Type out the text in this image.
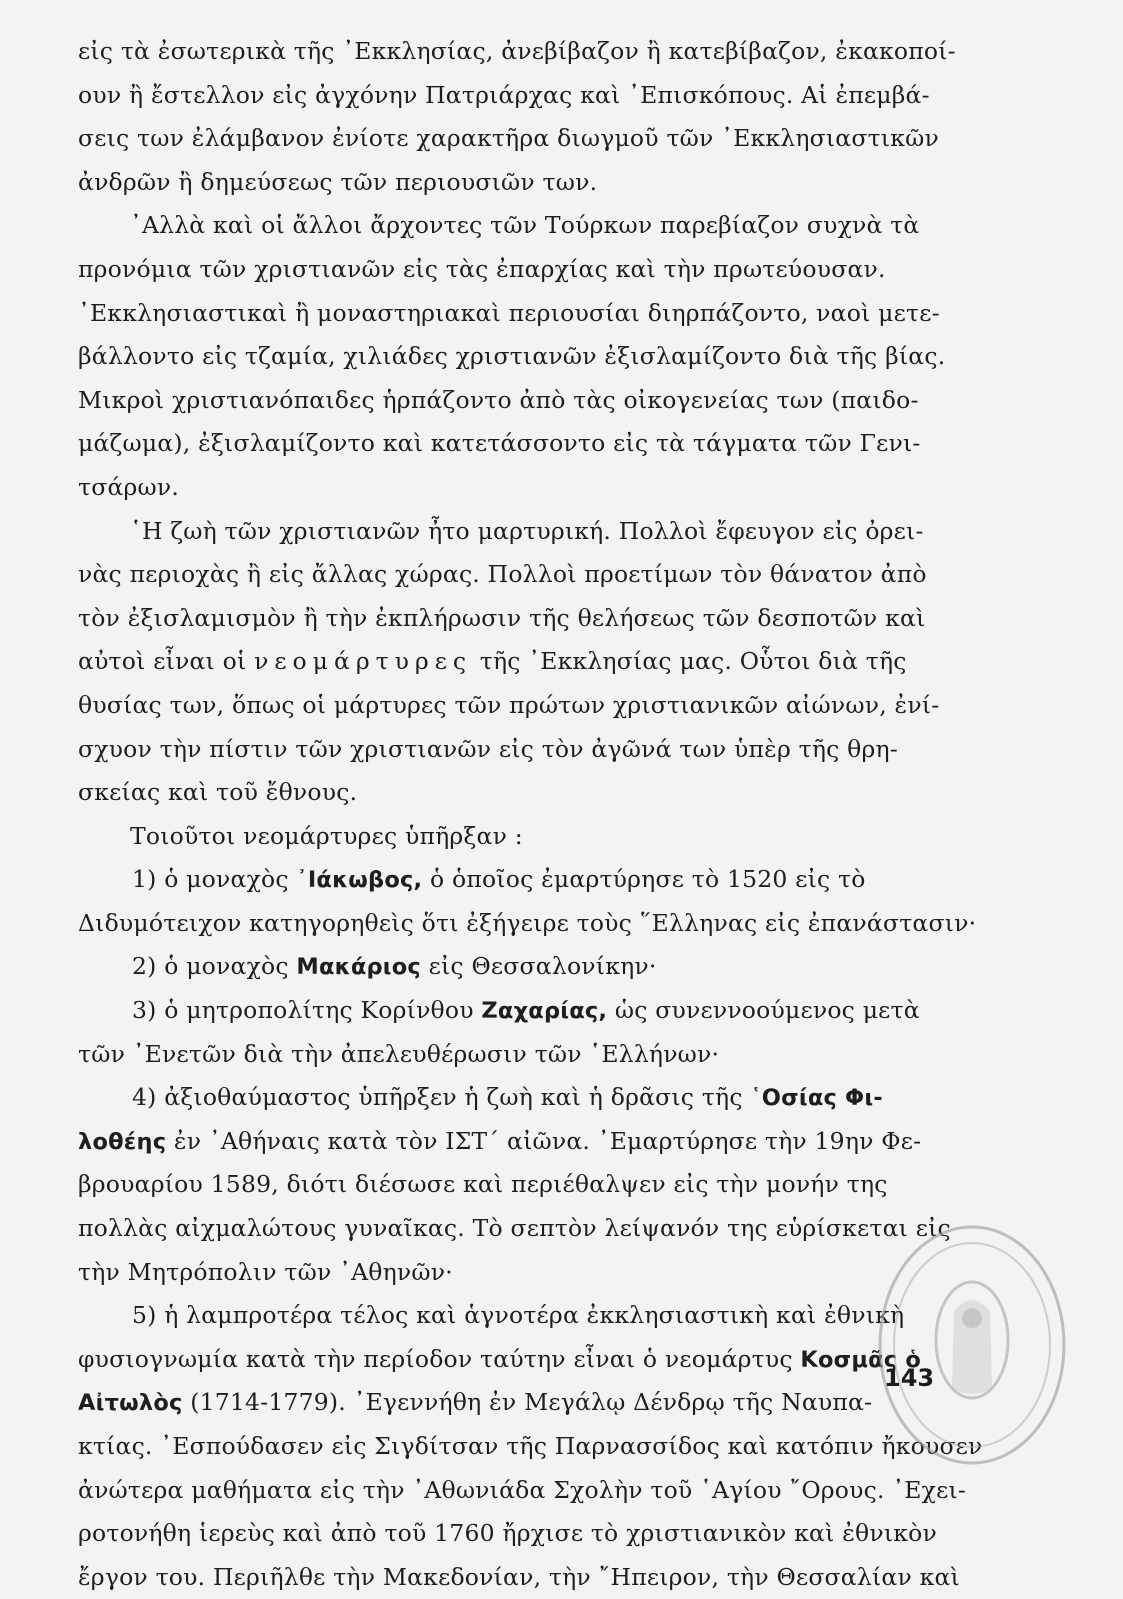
εἰς τὰ ἐσωτερικὰ τῆς ᾿Εκκλησίας, ἀνεβίβαζον ἢ κατεβίβαζον, ἐκακοποί-
ουν ἢ ἔστελλον εἰς ἀγχόνην Πατριάρχας καὶ ᾿Επισκόπους. Αἱ ἐπεμβά-
σεις των ἐλάμβανον ἐνίοτε χαρακτῆρα διωγμοῦ τῶν ᾿Εκκλησιαστικῶν
ἀνδρῶν ἢ δημεύσεως τῶν περιουσιῶν των.
᾿Αλλὰ καὶ οἱ ἄλλοι ἄρχοντες τῶν Τούρκων παρεβίαζον συχνὰ τὰ
προνόμια τῶν χριστιανῶν εἰς τὰς ἐπαρχίας καὶ τὴν πρωτεύουσαν.
᾿Εκκλησιαστικαὶ ἢ μοναστηριακαὶ περιουσίαι διηρπάζοντο, ναοὶ μετε-
βάλλοντο εἰς τζαμία, χιλιάδες χριστιανῶν ἐξισλαμίζοντο διὰ τῆς βίας.
Μικροὶ χριστιανόπαιδες ἡρπάζοντο ἀπὸ τὰς οἰκογενείας των (παιδο-
μάζωμα), ἐξισλαμίζοντο καὶ κατετάσσοντο εἰς τὰ τάγματα τῶν Γενι-
τσάρων.
῾Η ζωὴ τῶν χριστιανῶν ἦτο μαρτυρική. Πολλοὶ ἔφευγον εἰς ὀρει-
νὰς περιοχὰς ἢ εἰς ἄλλας χώρας. Πολλοὶ προετίμων τὸν θάνατον ἀπὸ
τὸν ἐξισλαμισμὸν ἢ τὴν ἐκπλήρωσιν τῆς θελήσεως τῶν δεσποτῶν καὶ
αὐτοὶ εἶναι οἱ νεομάρτυρες τῆς ᾿Εκκλησίας μας. Οὗτοι διὰ τῆς
θυσίας των, ὅπως οἱ μάρτυρες τῶν πρώτων χριστιανικῶν αἰώνων, ἐνί-
σχυον τὴν πίστιν τῶν χριστιανῶν εἰς τὸν ἀγῶνά των ὑπὲρ τῆς θρη-
σκείας καὶ τοῦ ἔθνους.
Τοιοῦτοι νεομάρτυρες ὑπῆρξαν :
1) ὁ μοναχὸς ᾿Ιάκωβος, ὁ ὁποῖος ἐμαρτύρησε τὸ 1520 εἰς τὸ
Διδυμότειχον κατηγορηθεὶς ὅτι ἐξήγειρε τοὺς ῞Ελληνας εἰς ἐπανάστασιν·
2) ὁ μοναχὸς Μακάριος εἰς Θεσσαλονίκην·
3) ὁ μητροπολίτης Κορίνθου Ζαχαρίας, ὡς συνεννοούμενος μετὰ
τῶν ᾿Ενετῶν διὰ τὴν ἀπελευθέρωσιν τῶν ῾Ελλήνων·
4) ἀξιοθαύμαστος ὑπῆρξεν ἡ ζωὴ καὶ ἡ δρᾶσις τῆς ῾Οσίας Φι-
λοθέης ἐν ᾿Αθήναις κατὰ τὸν ΙΣΤ΄ αἰῶνα. ᾿Εμαρτύρησε τὴν 19ην Φε-
βρουαρίου 1589, διότι διέσωσε καὶ περιέθαλψεν εἰς τὴν μονήν της
πολλὰς αἰχμαλώτους γυναῖκας. Τὸ σεπτὸν λείψανόν της εὑρίσκεται εἰς
τὴν Μητρόπολιν τῶν ᾿Αθηνῶν·
5) ἡ λαμπροτέρα τέλος καὶ ἁγνοτέρα ἐκκλησιαστικὴ καὶ ἐθνικὴ
φυσιογνωμία κατὰ τὴν περίοδον ταύτην εἶναι ὁ νεομάρτυς Κοσμᾶς ὁ
Αἰτωλὸς (1714-1779). ᾿Εγεννήθη ἐν Μεγάλῳ Δένδρῳ τῆς Ναυπα-
κτίας. ᾿Εσπούδασεν εἰς Σιγδίτσαν τῆς Παρνασσίδος καὶ κατόπιν ἤκουσεν
ἀνώτερα μαθήματα εἰς τὴν ᾿Αθωνιάδα Σχολὴν τοῦ ῾Αγίου ῎Ορους. ᾿Εχει-
ροτονήθη ἱερεὺς καὶ ἀπὸ τοῦ 1760 ἤρχισε τὸ χριστιανικὸν καὶ ἐθνικὸν
ἔργον του. Περιῆλθε τὴν Μακεδονίαν, τὴν ῎Ηπειρον, τὴν Θεσσαλίαν καὶ
143
